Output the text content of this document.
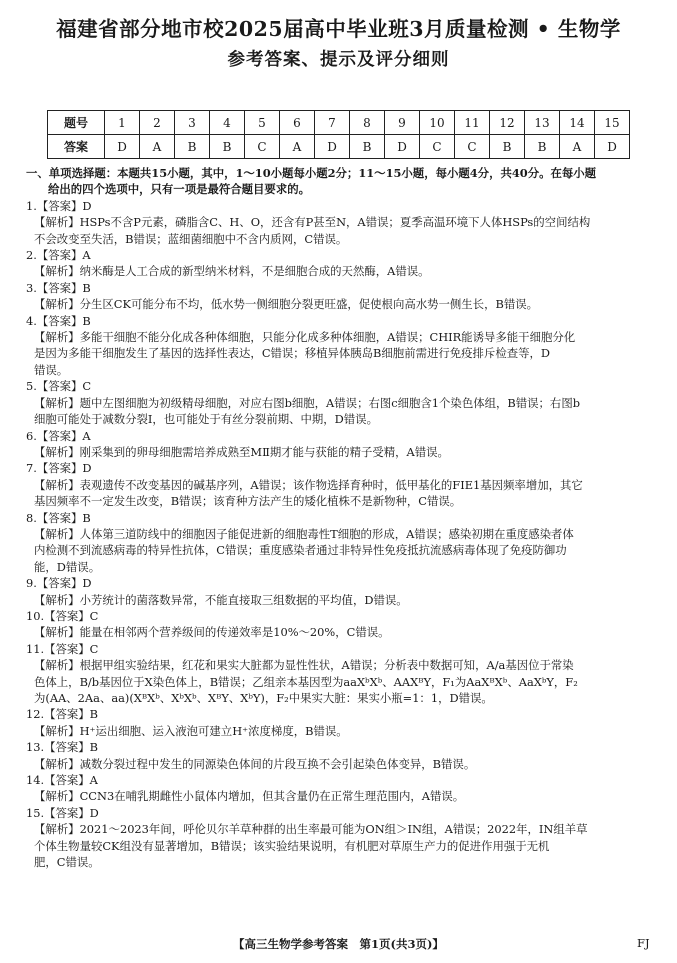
福建省部分地市校2025届高中毕业班3月质量检测 • 生物学
参考答案、提示及评分细则
题号	1	2	3	4	5	6	7	8	9	10	11	12	13	14	15
答案	D	A	B	B	C	A	D	B	D	C	C	B	B	A	D
一、单项选择题：本题共15小题，其中，1～10小题每小题2分；11～15小题，每小题4分，共40分。在每小题
给出的四个选项中，只有一项是最符合题目要求的。
1.【答案】D
【解析】HSPs不含P元素，磷脂含C、H、O，还含有P甚至N，A错误；夏季高温环境下人体HSPs的空间结构
不会改变至失活，B错误；蓝细菌细胞中不含内质网，C错误。
2.【答案】A
【解析】纳米酶是人工合成的新型纳米材料，不是细胞合成的天然酶，A错误。
3.【答案】B
【解析】分生区CK可能分布不均，低水势一侧细胞分裂更旺盛，促使根向高水势一侧生长，B错误。
4.【答案】B
【解析】多能干细胞不能分化成各种体细胞，只能分化成多种体细胞，A错误；CHIR能诱导多能干细胞分化
是因为多能干细胞发生了基因的选择性表达，C错误；移植异体胰岛B细胞前需进行免疫排斥检查等，D
错误。
5.【答案】C
【解析】题中左图细胞为初级精母细胞，对应右图b细胞，A错误；右图c细胞含1个染色体组，B错误；右图b
细胞可能处于减数分裂Ⅰ，也可能处于有丝分裂前期、中期，D错误。
6.【答案】A
【解析】刚采集到的卵母细胞需培养成熟至MⅡ期才能与获能的精子受精，A错误。
7.【答案】D
【解析】表观遗传不改变基因的碱基序列，A错误；该作物选择育种时，低甲基化的FIE1基因频率增加，其它
基因频率不一定发生改变，B错误；该育种方法产生的矮化植株不是新物种，C错误。
8.【答案】B
【解析】人体第三道防线中的细胞因子能促进新的细胞毒性T细胞的形成，A错误；感染初期在重度感染者体
内检测不到流感病毒的特异性抗体，C错误；重度感染者通过非特异性免疫抵抗流感病毒体现了免疫防御功
能，D错误。
9.【答案】D
【解析】小芳统计的菌落数异常，不能直接取三组数据的平均值，D错误。
10.【答案】C
【解析】能量在相邻两个营养级间的传递效率是10%～20%，C错误。
11.【答案】C
【解析】根据甲组实验结果，红花和果实大脏都为显性性状，A错误；分析表中数据可知，A/a基因位于常染
色体上，B/b基因位于X染色体上，B错误；乙组亲本基因型为aaXᵇXᵇ、AAXᴮY，F₁为AaXᴮXᵇ、AaXᵇY，F₂
为(AA、2Aa、aa)(XᴮXᵇ、XᵇXᵇ、XᴮY、XᵇY)，F₂中果实大脏：果实小瓶=1：1，D错误。
12.【答案】B
【解析】H⁺运出细胞、运入液泡可建立H⁺浓度梯度，B错误。
13.【答案】B
【解析】减数分裂过程中发生的同源染色体间的片段互换不会引起染色体变异，B错误。
14.【答案】A
【解析】CCN3在哺乳期雌性小鼠体内增加，但其含量仍在正常生理范围内，A错误。
15.【答案】D
【解析】2021～2023年间，呼伦贝尔羊草种群的出生率最可能为ON组＞IN组，A错误；2022年，IN组羊草
个体生物量较CK组没有显著增加，B错误；该实验结果说明，有机肥对草原生产力的促进作用强于无机
肥，C错误。
【高三生物学参考答案　第1页(共3页)】	FJ
